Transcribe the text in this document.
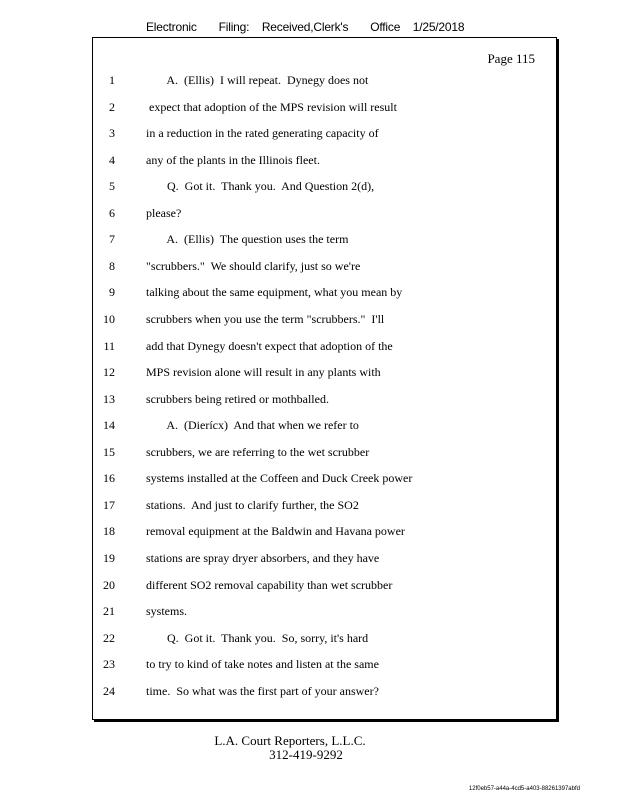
Electronic Filing: Received,Clerk's Office 1/25/2018
Page 115
1 A.  (Ellis)  I will repeat.  Dynegy does not
2 expect that adoption of the MPS revision will result
3 in a reduction in the rated generating capacity of
4 any of the plants in the Illinois fleet.
5 Q.  Got it.  Thank you.  And Question 2(d),
6 please?
7 A.  (Ellis)  The question uses the term
8 "scrubbers."  We should clarify, just so we're
9 talking about the same equipment, what you mean by
10 scrubbers when you use the term "scrubbers."  I'll
11 add that Dynegy doesn't expect that adoption of the
12 MPS revision alone will result in any plants with
13 scrubbers being retired or mothballed.
14 A.  (Dierícx)  And that when we refer to
15 scrubbers, we are referring to the wet scrubber
16 systems installed at the Coffeen and Duck Creek power
17 stations.  And just to clarify further, the SO2
18 removal equipment at the Baldwin and Havana power
19 stations are spray dryer absorbers, and they have
20 different SO2 removal capability than wet scrubber
21 systems.
22 Q.  Got it.  Thank you.  So, sorry, it's hard
23 to try to kind of take notes and listen at the same
24 time.  So what was the first part of your answer?
L.A. Court Reporters, L.L.C.
312-419-9292
12f0eb57-a44a-4cd5-a403-88261397abfd
